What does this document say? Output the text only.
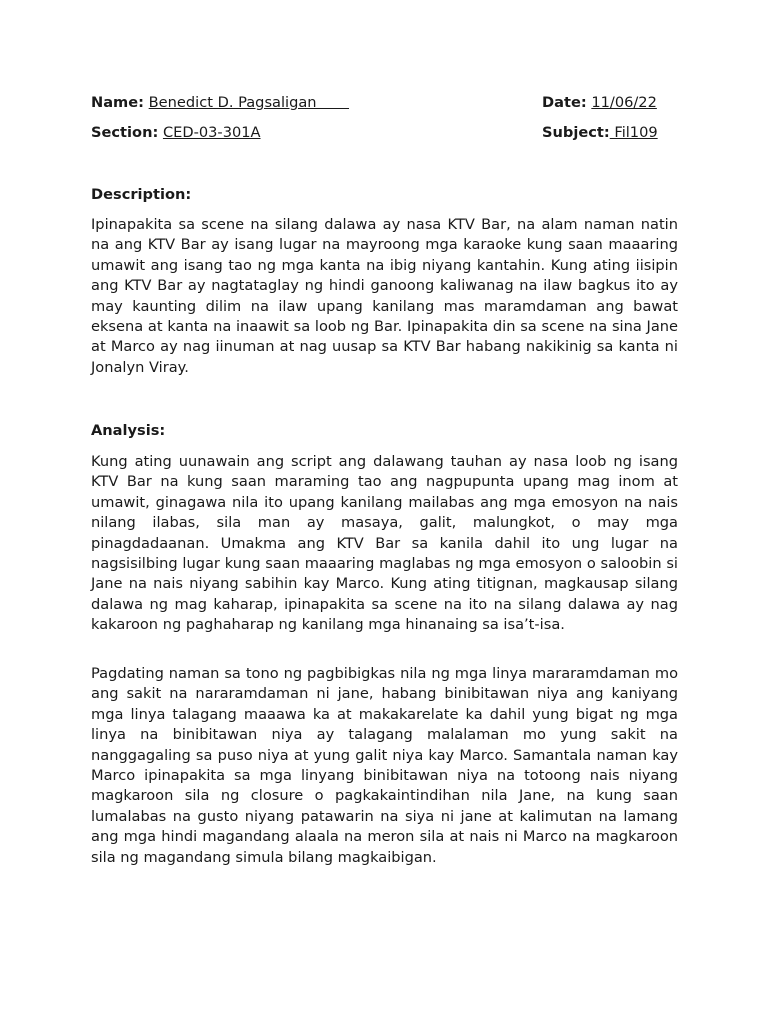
Name: Benedict D. Pagsaligan	Date: 11/06/22
Section: CED-03-301A	Subject: Fil109
Description:

Ipinapakita sa scene na silang dalawa ay nasa KTV Bar, na alam naman natin na ang KTV Bar ay isang lugar na mayroong mga karaoke kung saan maaaring umawit ang isang tao ng mga kanta na ibig niyang kantahin. Kung ating iisipin ang KTV Bar ay nagtataglay ng hindi ganoong kaliwanag na ilaw bagkus ito ay may kaunting dilim na ilaw upang kanilang mas maramdaman ang bawat eksena at kanta na inaawit sa loob ng Bar. Ipinapakita din sa scene na sina Jane at Marco ay nag iinuman at nag uusap sa KTV Bar habang nakikinig sa kanta ni Jonalyn Viray.

Analysis:

Kung ating uunawain ang script ang dalawang tauhan ay nasa loob ng isang KTV Bar na kung saan maraming tao ang nagpupunta upang mag inom at umawit, ginagawa nila ito upang kanilang mailabas ang mga emosyon na nais nilang ilabas, sila man ay masaya, galit, malungkot, o may mga pinagdadaanan. Umakma ang KTV Bar sa kanila dahil ito ung lugar na nagsisilbing lugar kung saan maaaring maglabas ng mga emosyon o saloobin si Jane na nais niyang sabihin kay Marco. Kung ating titignan, magkausap silang dalawa ng mag kaharap, ipinapakita sa scene na ito na silang dalawa ay nag kakaroon ng paghaharap ng kanilang mga hinanaing sa isa’t-isa.

Pagdating naman sa tono ng pagbibigkas nila ng mga linya mararamdaman mo ang sakit na nararamdaman ni jane, habang binibitawan niya ang kaniyang mga linya talagang maaawa ka at makakarelate ka dahil yung bigat ng mga linya na binibitawan niya ay talagang malalaman mo yung sakit na nanggagaling sa puso niya at yung galit niya kay Marco. Samantala naman kay Marco ipinapakita sa mga linyang binibitawan niya na totoong nais niyang magkaroon sila ng closure o pagkakaintindihan nila Jane, na kung saan lumalabas na gusto niyang patawarin na siya ni jane at kalimutan na lamang ang mga hindi magandang alaala na meron sila at nais ni Marco na magkaroon sila ng magandang simula bilang magkaibigan.
